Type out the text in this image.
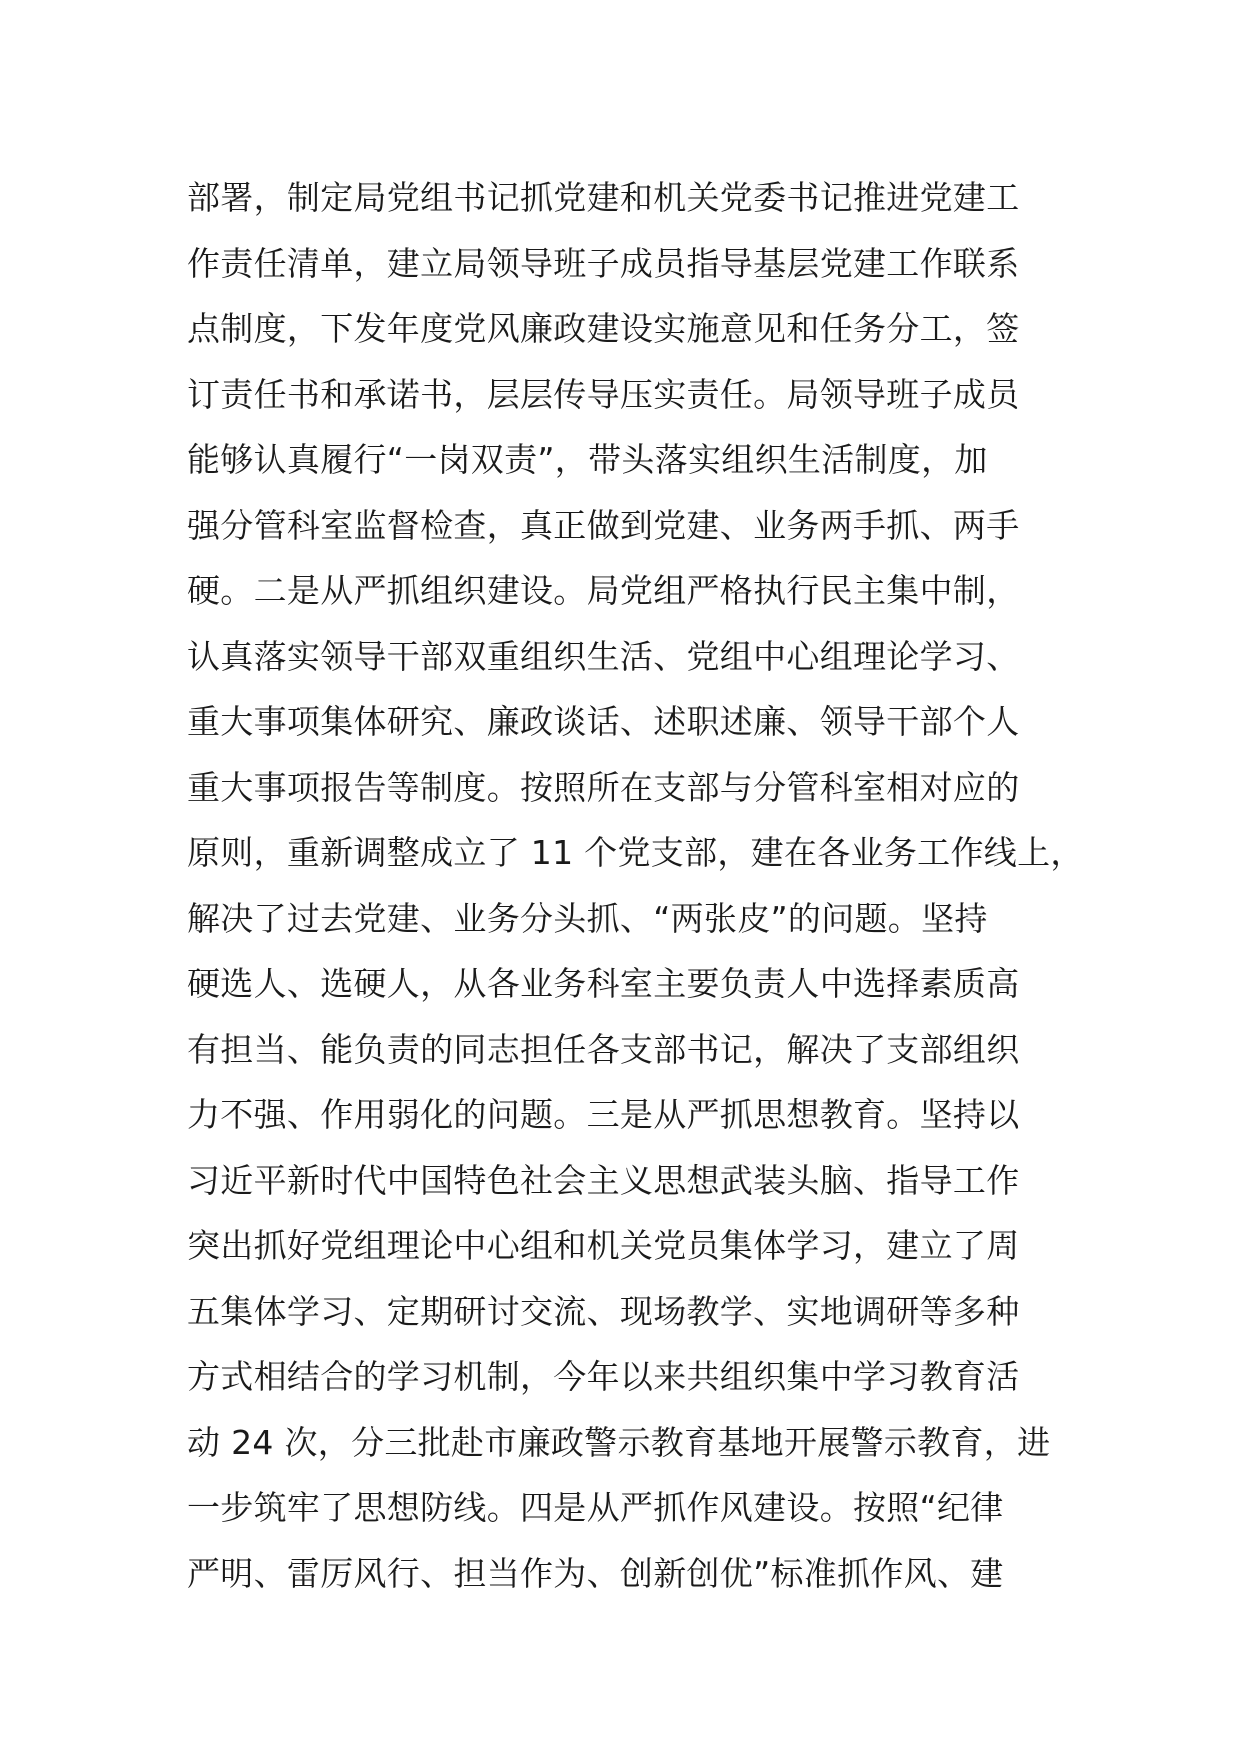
部署，制定局党组书记抓党建和机关党委书记推进党建工
作责任清单，建立局领导班子成员指导基层党建工作联系
点制度，下发年度党风廉政建设实施意见和任务分工，签
订责任书和承诺书，层层传导压实责任。局领导班子成员
能够认真履行“一岗双责”，带头落实组织生活制度，加
强分管科室监督检查，真正做到党建、业务两手抓、两手
硬。二是从严抓组织建设。局党组严格执行民主集中制，
认真落实领导干部双重组织生活、党组中心组理论学习、
重大事项集体研究、廉政谈话、述职述廉、领导干部个人
重大事项报告等制度。按照所在支部与分管科室相对应的
原则，重新调整成立了 11 个党支部，建在各业务工作线上，
解决了过去党建、业务分头抓、“两张皮”的问题。坚持
硬选人、选硬人，从各业务科室主要负责人中选择素质高
有担当、能负责的同志担任各支部书记，解决了支部组织
力不强、作用弱化的问题。三是从严抓思想教育。坚持以
习近平新时代中国特色社会主义思想武装头脑、指导工作
突出抓好党组理论中心组和机关党员集体学习，建立了周
五集体学习、定期研讨交流、现场教学、实地调研等多种
方式相结合的学习机制，今年以来共组织集中学习教育活
动 24 次，分三批赴市廉政警示教育基地开展警示教育，进
一步筑牢了思想防线。四是从严抓作风建设。按照“纪律
严明、雷厉风行、担当作为、创新创优”标准抓作风、建
